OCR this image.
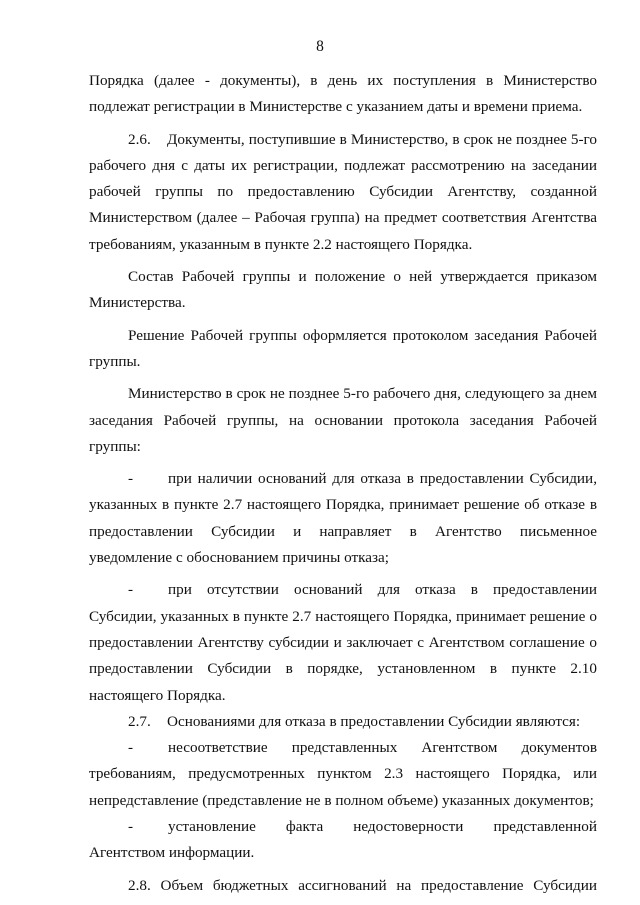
8

Порядка (далее - документы), в день их поступления в Министерство подлежат регистрации в Министерстве с указанием даты и времени приема.

2.6. Документы, поступившие в Министерство, в срок не позднее 5-го рабочего дня с даты их регистрации, подлежат рассмотрению на заседании рабочей группы по предоставлению Субсидии Агентству, созданной Министерством (далее – Рабочая группа) на предмет соответствия Агентства требованиям, указанным в пункте 2.2 настоящего Порядка.

Состав Рабочей группы и положение о ней утверждается приказом Министерства.

Решение Рабочей группы оформляется протоколом заседания Рабочей группы.

Министерство в срок не позднее 5-го рабочего дня, следующего за днем заседания Рабочей группы, на основании протокола заседания Рабочей группы:

- при наличии оснований для отказа в предоставлении Субсидии, указанных в пункте 2.7 настоящего Порядка, принимает решение об отказе в предоставлении Субсидии и направляет в Агентство письменное уведомление с обоснованием причины отказа;

- при отсутствии оснований для отказа в предоставлении Субсидии, указанных в пункте 2.7 настоящего Порядка, принимает решение о предоставлении Агентству субсидии и заключает с Агентством соглашение о предоставлении Субсидии в порядке, установленном в пункте 2.10 настоящего Порядка.

2.7. Основаниями для отказа в предоставлении Субсидии являются:

- несоответствие представленных Агентством документов требованиям, предусмотренных пунктом 2.3 настоящего Порядка, или непредставление (представление не в полном объеме) указанных документов;

- установление факта недостоверности представленной Агентством информации.

2.8. Объем бюджетных ассигнований на предоставление Субсидии
